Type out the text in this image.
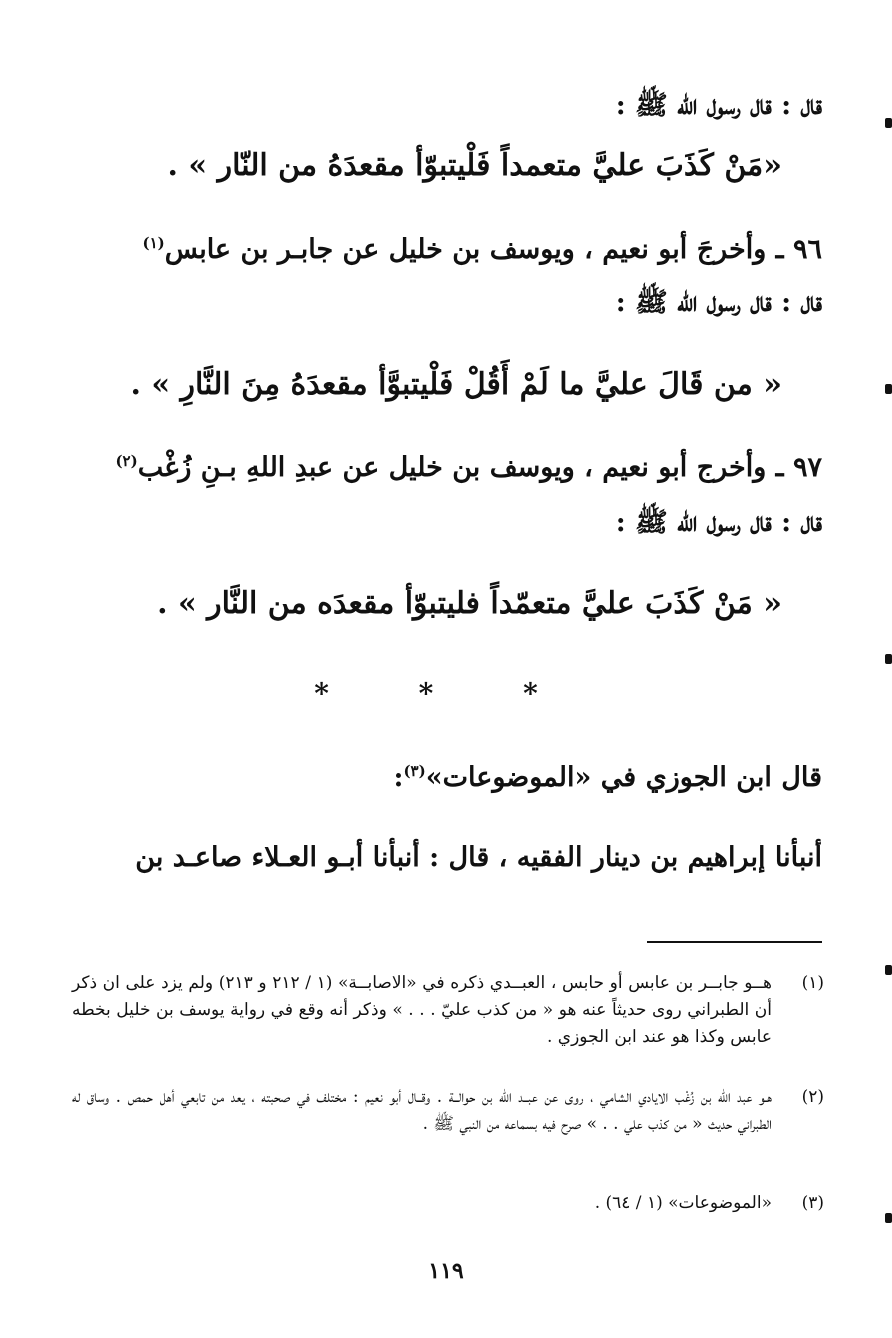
قال : قال رسول الله ﷺ :
«مَنْ كَذَبَ عليَّ متعمداً فَلْيتبوّأ مقعدَهُ من النّار » .
٩٦ ـ وأخرجَ أبو نعيم ، ويوسف بن خليل عن جابـر بن عابس$^{(١)}$
قال : قال رسول الله ﷺ :
« من قَالَ عليَّ ما لَمْ أَقُلْ فَلْيتبوَّأ مقعدَهُ مِنَ النَّارِ » .
٩٧ ـ وأخرج أبو نعيم ، ويوسف بن خليل عن عبدِ اللهِ بـنِ زُغْب$^{(٢)}$
قال : قال رسول الله ﷺ :
« مَنْ كَذَبَ عليَّ متعمّداً فليتبوّأ مقعدَه من النَّار » .
* * *
قال ابن الجوزي في «الموضوعات»$^{(٣)}$:
أنبأنا إبراهيم بن دينار الفقيه ، قال : أنبأنا أبـو العـلاء صاعـد بن
(١)
هــو جابــر بن عابس أو حابس ، العبــدي ذكره في «الاصابــة» (١ / ٢١٢ و ٢١٣) ولم يزد على ان ذكر أن الطبراني روى حديثاً عنه هو « من كذب عليّ . . . » وذكر أنه وقع في رواية يوسف بن خليل بخطه عابس وكذا هو عند ابن الجوزي .
(٢)
هـو عبد الله بن زُغْب الايادي الشامي ، روى عن عبــد الله بن حوالــة . وقــال أبو نعيم : مختلف في صحبته ، يعد من تابعي أهل حمص . وساق له الطبراني حديث « من كذب علي . . » صرح فيه بسماعه من النبي ﷺ .
(٣)
«الموضوعات» (١ / ٦٤) .
١١٩
